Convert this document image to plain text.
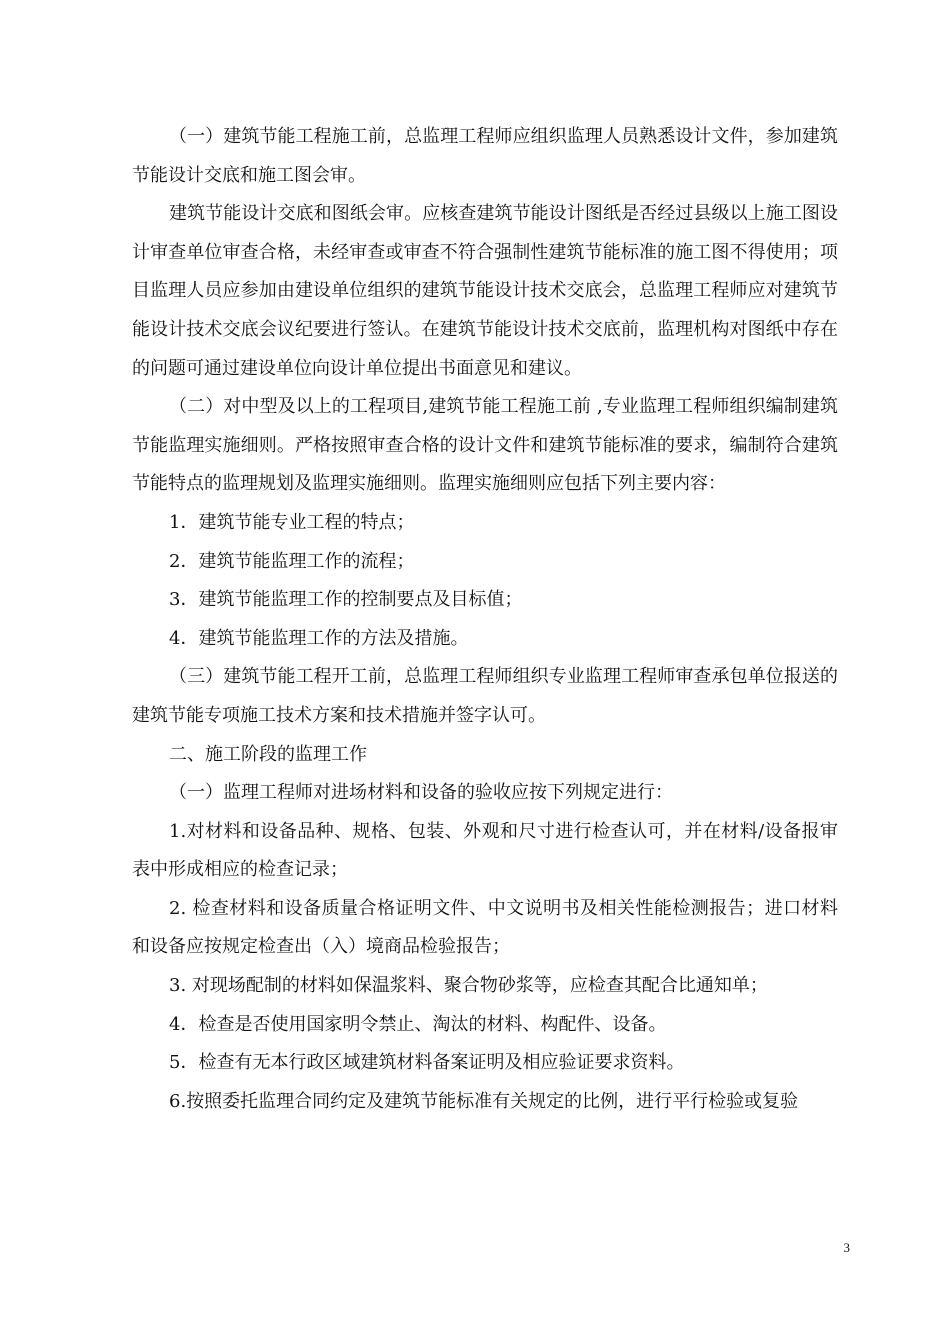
（一）建筑节能工程施工前，总监理工程师应组织监理人员熟悉设计文件，参加建筑节能设计交底和施工图会审。

建筑节能设计交底和图纸会审。应核查建筑节能设计图纸是否经过县级以上施工图设计审查单位审查合格，未经审查或审查不符合强制性建筑节能标准的施工图不得使用；项目监理人员应参加由建设单位组织的建筑节能设计技术交底会，总监理工程师应对建筑节能设计技术交底会议纪要进行签认。在建筑节能设计技术交底前，监理机构对图纸中存在的问题可通过建设单位向设计单位提出书面意见和建议。

（二）对中型及以上的工程项目,建筑节能工程施工前 ,专业监理工程师组织编制建筑节能监理实施细则。严格按照审查合格的设计文件和建筑节能标准的要求，编制符合建筑节能特点的监理规划及监理实施细则。监理实施细则应包括下列主要内容：

1．建筑节能专业工程的特点；

2．建筑节能监理工作的流程；

3．建筑节能监理工作的控制要点及目标值；

4．建筑节能监理工作的方法及措施。

（三）建筑节能工程开工前，总监理工程师组织专业监理工程师审查承包单位报送的建筑节能专项施工技术方案和技术措施并签字认可。

二、施工阶段的监理工作

（一）监理工程师对进场材料和设备的验收应按下列规定进行：

1.对材料和设备品种、规格、包装、外观和尺寸进行检查认可，并在材料/设备报审表中形成相应的检查记录；

2. 检查材料和设备质量合格证明文件、中文说明书及相关性能检测报告；进口材料和设备应按规定检查出（入）境商品检验报告；

3. 对现场配制的材料如保温浆料、聚合物砂浆等，应检查其配合比通知单；

4．检查是否使用国家明令禁止、淘汰的材料、构配件、设备。

5．检查有无本行政区域建筑材料备案证明及相应验证要求资料。

6.按照委托监理合同约定及建筑节能标准有关规定的比例，进行平行检验或复验

3
